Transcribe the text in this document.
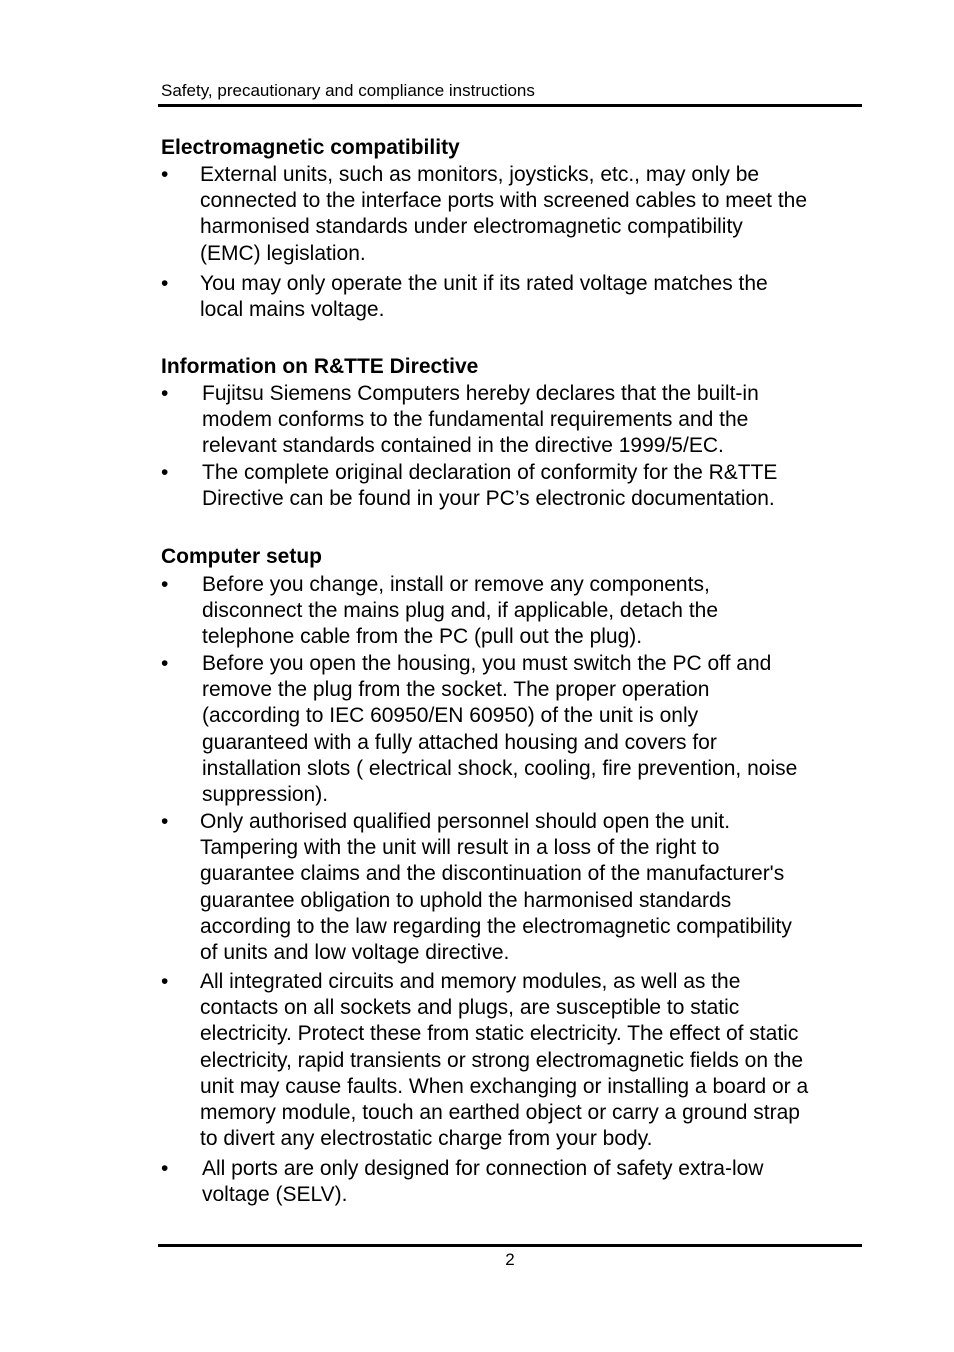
Safety, precautionary and compliance instructions
Electromagnetic compatibility
•	External units, such as monitors, joysticks, etc., may only be
connected to the interface ports with screened cables to meet the
harmonised standards under electromagnetic compatibility
(EMC) legislation.
•	You may only operate the unit if its rated voltage matches the
local mains voltage.
Information on R&TTE Directive
•	Fujitsu Siemens Computers hereby declares that the built-in
modem conforms to the fundamental requirements and the
relevant standards contained in the directive 1999/5/EC.
•	The complete original declaration of conformity for the R&TTE
Directive can be found in your PC’s electronic documentation.
Computer setup
•	Before you change, install or remove any components,
disconnect the mains plug and, if applicable, detach the
telephone cable from the PC (pull out the plug).
•	Before you open the housing, you must switch the PC off and
remove the plug from the socket. The proper operation
(according to IEC 60950/EN 60950) of the unit is only
guaranteed with a fully attached housing and covers for
installation slots ( electrical shock, cooling, fire prevention, noise
suppression).
•	Only authorised qualified personnel should open the unit.
Tampering with the unit will result in a loss of the right to
guarantee claims and the discontinuation of the manufacturer's
guarantee obligation to uphold the harmonised standards
according to the law regarding the electromagnetic compatibility
of units and low voltage directive.
•	All integrated circuits and memory modules, as well as the
contacts on all sockets and plugs, are susceptible to static
electricity. Protect these from static electricity. The effect of static
electricity, rapid transients or strong electromagnetic fields on the
unit may cause faults. When exchanging or installing a board or a
memory module, touch an earthed object or carry a ground strap
to divert any electrostatic charge from your body.
•	All ports are only designed for connection of safety extra-low
voltage (SELV).
2
